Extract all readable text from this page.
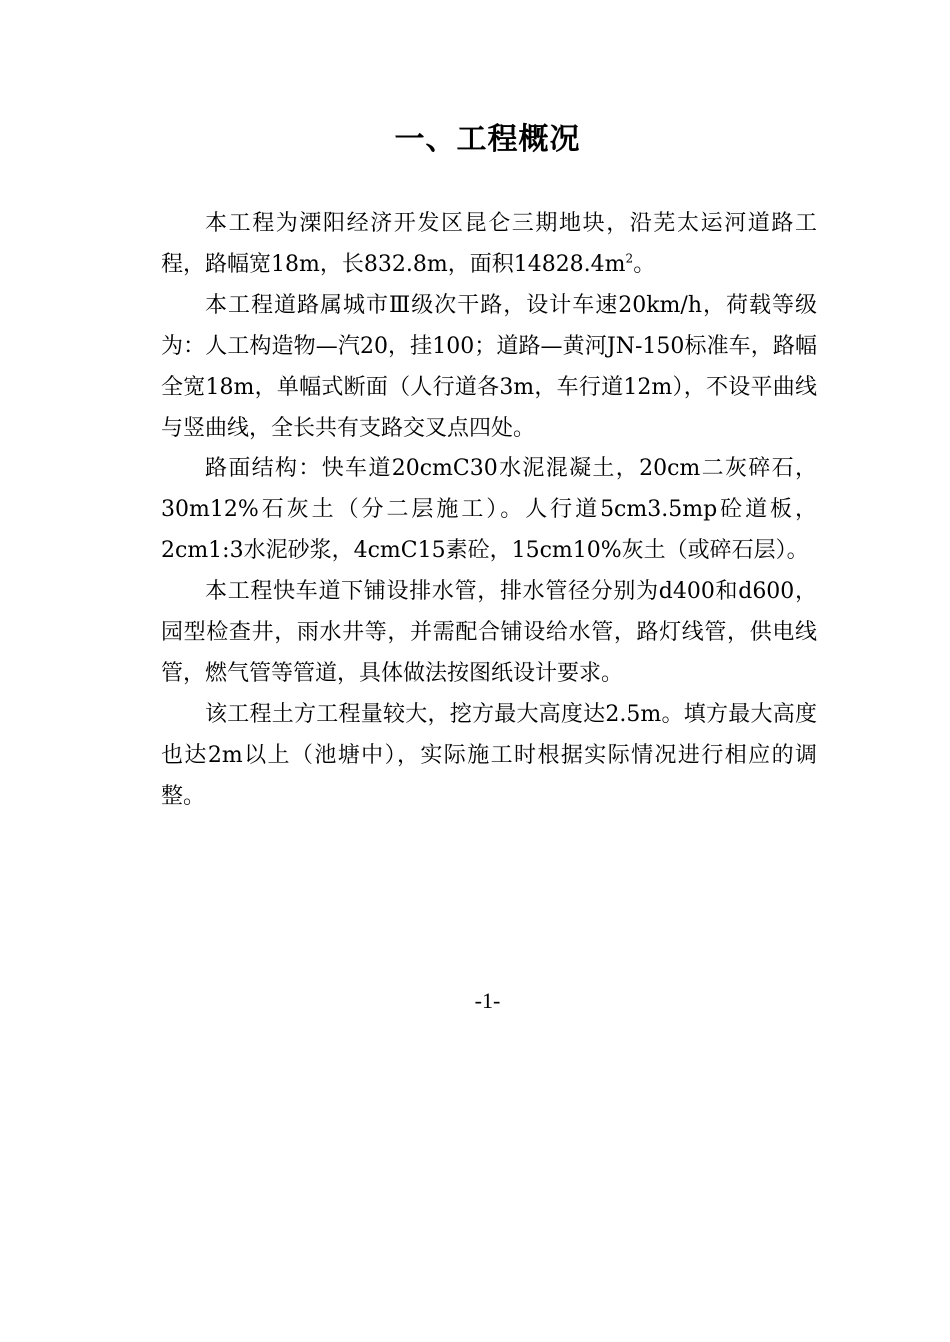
一、工程概况

本工程为溧阳经济开发区昆仑三期地块，沿芜太运河道路工程，路幅宽18m，长832.8m，面积$14828.4m^2$。

本工程道路属城市Ⅲ级次干路，设计车速20km/h，荷载等级为：人工构造物—汽20，挂100；道路—黄河JN-150标准车，路幅全宽18m，单幅式断面（人行道各3m，车行道12m），不设平曲线与竖曲线，全长共有支路交叉点四处。

路面结构：快车道20cmC30水泥混凝土，20cm二灰碎石，30m12%石灰土（分二层施工）。人行道5cm3.5mp砼道板，2cm1:3水泥砂浆，4cmC15素砼，15cm10%灰土（或碎石层）。

本工程快车道下铺设排水管，排水管径分别为d400和d600，园型检查井，雨水井等，并需配合铺设给水管，路灯线管，供电线管，燃气管等管道，具体做法按图纸设计要求。

该工程土方工程量较大，挖方最大高度达2.5m。填方最大高度也达2m以上（池塘中），实际施工时根据实际情况进行相应的调整。

-1-
